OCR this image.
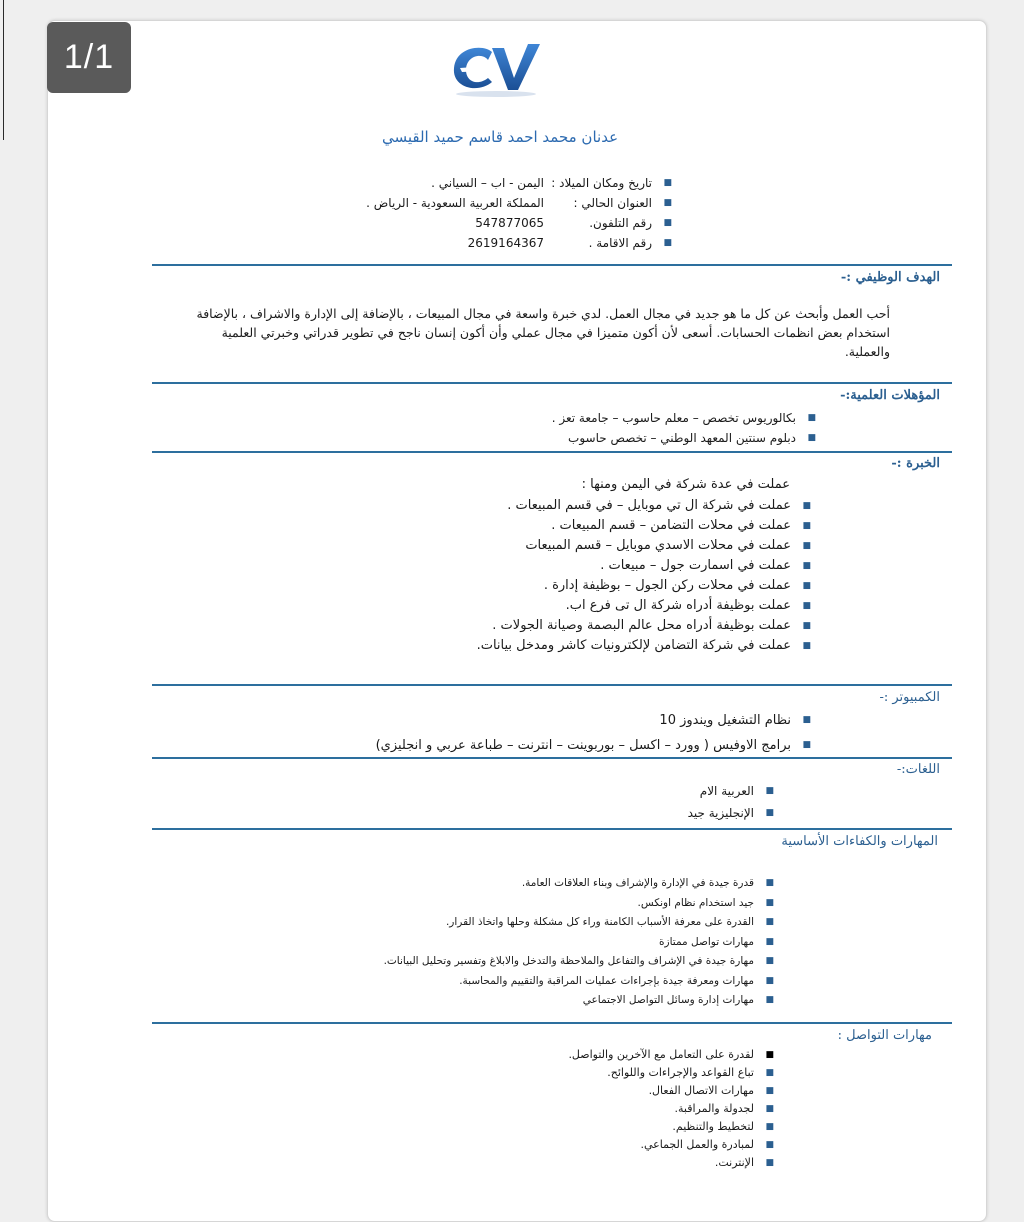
1/1
عدنان محمد احمد قاسم حميد القيسي
■
تاريخ ومكان الميلاد :اليمن - اب – السياني .
■
العنوان الحالي :المملكة العربية السعودية - الرياض .
■
رقم التلفون.547877065
■
رقم الاقامة .2619164367
الهدف الوظيفي :-
أحب العمل وأبحث عن كل ما هو جديد في مجال العمل. لدي خبرة واسعة في مجال المبيعات ، بالإضافة إلى الإدارة والاشراف ، بالإضافة استخدام بعض انظمات الحسابات. أسعى لأن أكون متميزا في مجال عملي وأن أكون إنسان ناجح في تطوير قدراتي وخبرتي العلمية والعملية.
المؤهلات العلمية:-
■
بكالوريوس تخصص – معلم حاسوب – جامعة تعز .
■
دبلوم سنتين المعهد الوطني – تخصص حاسوب
الخبرة :-
عملت في عدة شركة في اليمن ومنها :
■
عملت في شركة ال تي موبايل – في قسم المبيعات .
■
عملت في محلات التضامن – قسم المبيعات .
■
عملت في محلات الاسدي موبايل – قسم المبيعات
■
عملت في اسمارت جول – مبيعات .
■
عملت في محلات ركن الجول – بوظيفة إدارة .
■
عملت بوظيفة أدراه شركة ال تى فرع اب.
■
عملت بوظيفة أدراه محل عالم البصمة وصيانة الجولات .
■
عملت في شركة التضامن لإلكترونيات كاشر ومدخل بيانات.
الكمبيوتر :-
■
نظام التشغيل ويندوز 10
■
برامج الاوفيس ( وورد – اكسل – بوربوينت – انترنت – طباعة عربي و انجليزي)
اللغات:-
■
العربية الام
■
الإنجليزية جيد
المهارات والكفاءات الأساسية
■
قدرة جيدة في الإدارة والإشراف وبناء العلاقات العامة.
■
جيد استخدام نظام اونكس.
■
القدرة على معرفة الأسباب الكامنة وراء كل مشكلة وحلها واتخاذ القرار.
■
مهارات تواصل ممتازة
■
مهارة جيدة في الإشراف والتفاعل والملاحظة والتدخل والابلاغ وتفسير وتحليل البيانات.
■
مهارات ومعرفة جيدة بإجراءات عمليات المراقبة والتقييم والمحاسبة.
■
مهارات إدارة وسائل التواصل الاجتماعي
مهارات التواصل :
■
لقدرة على التعامل مع الآخرين والتواصل.
■
تباع القواعد والإجراءات واللوائح.
■
مهارات الاتصال الفعال.
■
لجدولة والمراقبة.
■
لتخطيط والتنظيم.
■
لمبادرة والعمل الجماعي.
■
الإنترنت.
